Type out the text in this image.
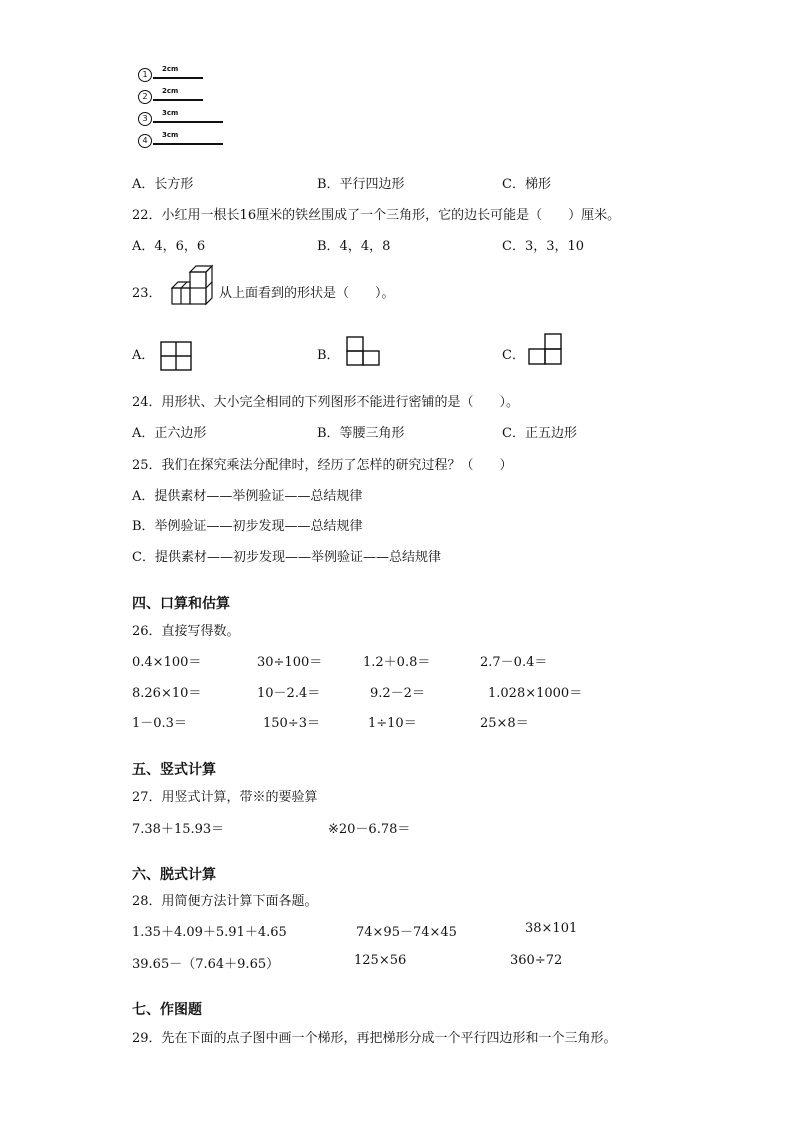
1
2cm
2
2cm
3
3cm
4
3cm
A．长方形	B．平行四边形	C．梯形
22．小红用一根长16厘米的铁丝围成了一个三角形，它的边长可能是（　　）厘米。
A．4，6，6	B．4，4，8	C．3，3，10
23．	从上面看到的形状是（　　）。
A．	B．	C．
24．用形状、大小完全相同的下列图形不能进行密铺的是（　　）。
A．正六边形	B．等腰三角形	C．正五边形
25．我们在探究乘法分配律时，经历了怎样的研究过程？（　　）
A．提供素材——举例验证——总结规律
B．举例验证——初步发现——总结规律
C．提供素材——初步发现——举例验证——总结规律
四、口算和估算
26．直接写得数。
0.4×100＝	30÷100＝	1.2＋0.8＝	2.7－0.4＝
8.26×10＝	10－2.4＝	9.2－2＝	1.028×1000＝
1－0.3＝	150÷3＝	1÷10＝	25×8＝
五、竖式计算
27．用竖式计算，带※的要验算
7.38＋15.93＝	※20－6.78＝
六、脱式计算
28．用简便方法计算下面各题。
1.35＋4.09＋5.91＋4.65	74×95－74×45	38×101
39.65－（7.64＋9.65）	125×56	360÷72
七、作图题
29．先在下面的点子图中画一个梯形，再把梯形分成一个平行四边形和一个三角形。
